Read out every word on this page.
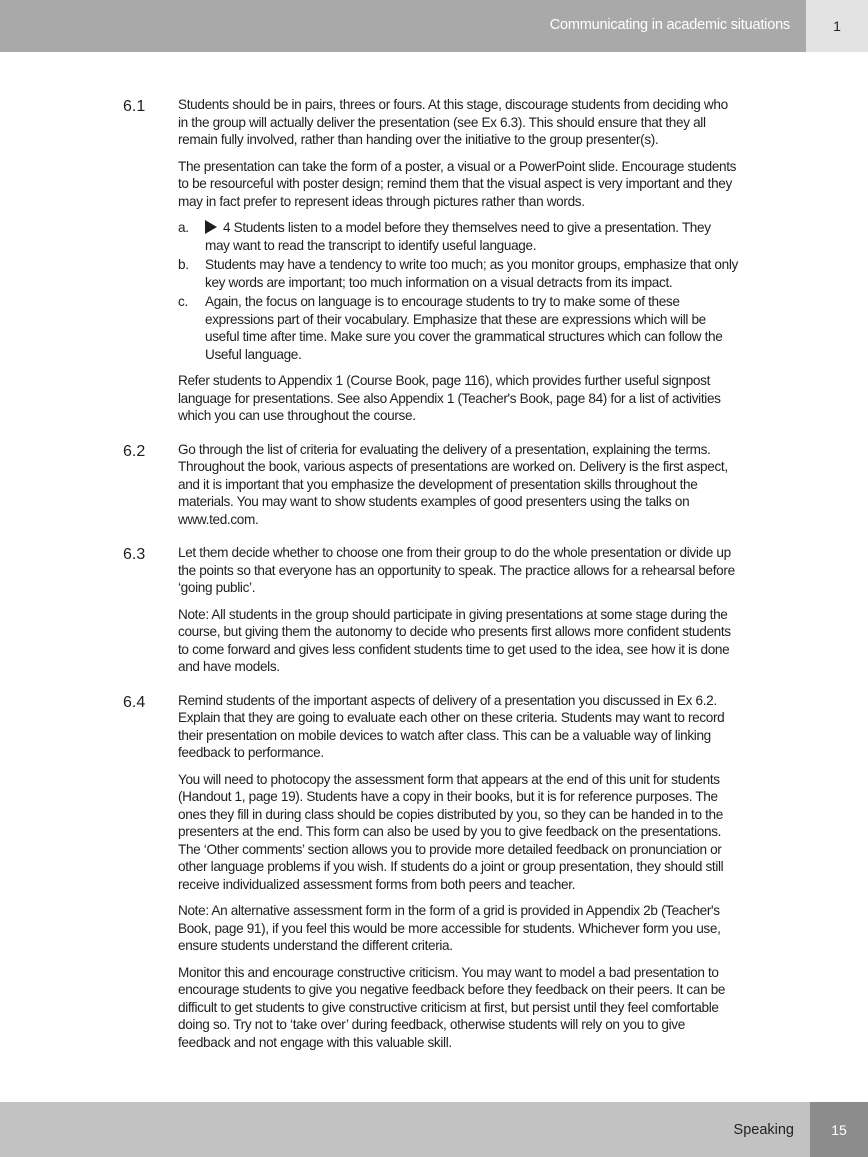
Communicating in academic situations	1
6.1 Students should be in pairs, threes or fours. At this stage, discourage students from deciding who in the group will actually deliver the presentation (see Ex 6.3). This should ensure that they all remain fully involved, rather than handing over the initiative to the group presenter(s).

The presentation can take the form of a poster, a visual or a PowerPoint slide. Encourage students to be resourceful with poster design; remind them that the visual aspect is very important and they may in fact prefer to represent ideas through pictures rather than words.

a.	4 Students listen to a model before they themselves need to give a presentation. They may want to read the transcript to identify useful language.
b. Students may have a tendency to write too much; as you monitor groups, emphasize that only key words are important; too much information on a visual detracts from its impact.
c. Again, the focus on language is to encourage students to try to make some of these expressions part of their vocabulary. Emphasize that these are expressions which will be useful time after time. Make sure you cover the grammatical structures which can follow the Useful language.

Refer students to Appendix 1 (Course Book, page 116), which provides further useful signpost language for presentations. See also Appendix 1 (Teacher's Book, page 84) for a list of activities which you can use throughout the course.

6.2 Go through the list of criteria for evaluating the delivery of a presentation, explaining the terms. Throughout the book, various aspects of presentations are worked on. Delivery is the first aspect, and it is important that you emphasize the development of presentation skills throughout the materials. You may want to show students examples of good presenters using the talks on www.ted.com.

6.3 Let them decide whether to choose one from their group to do the whole presentation or divide up the points so that everyone has an opportunity to speak. The practice allows for a rehearsal before ‘going public’.

Note: All students in the group should participate in giving presentations at some stage during the course, but giving them the autonomy to decide who presents first allows more confident students to come forward and gives less confident students time to get used to the idea, see how it is done and have models.

6.4 Remind students of the important aspects of delivery of a presentation you discussed in Ex 6.2. Explain that they are going to evaluate each other on these criteria. Students may want to record their presentation on mobile devices to watch after class. This can be a valuable way of linking feedback to performance.

You will need to photocopy the assessment form that appears at the end of this unit for students (Handout 1, page 19). Students have a copy in their books, but it is for reference purposes. The ones they fill in during class should be copies distributed by you, so they can be handed in to the presenters at the end. This form can also be used by you to give feedback on the presentations. The ‘Other comments’ section allows you to provide more detailed feedback on pronunciation or other language problems if you wish. If students do a joint or group presentation, they should still receive individualized assessment forms from both peers and teacher.

Note: An alternative assessment form in the form of a grid is provided in Appendix 2b (Teacher's Book, page 91), if you feel this would be more accessible for students. Whichever form you use, ensure students understand the different criteria.

Monitor this and encourage constructive criticism. You may want to model a bad presentation to encourage students to give you negative feedback before they feedback on their peers. It can be difficult to get students to give constructive criticism at first, but persist until they feel comfortable doing so. Try not to ‘take over’ during feedback, otherwise students will rely on you to give feedback and not engage with this valuable skill.

Speaking	15
